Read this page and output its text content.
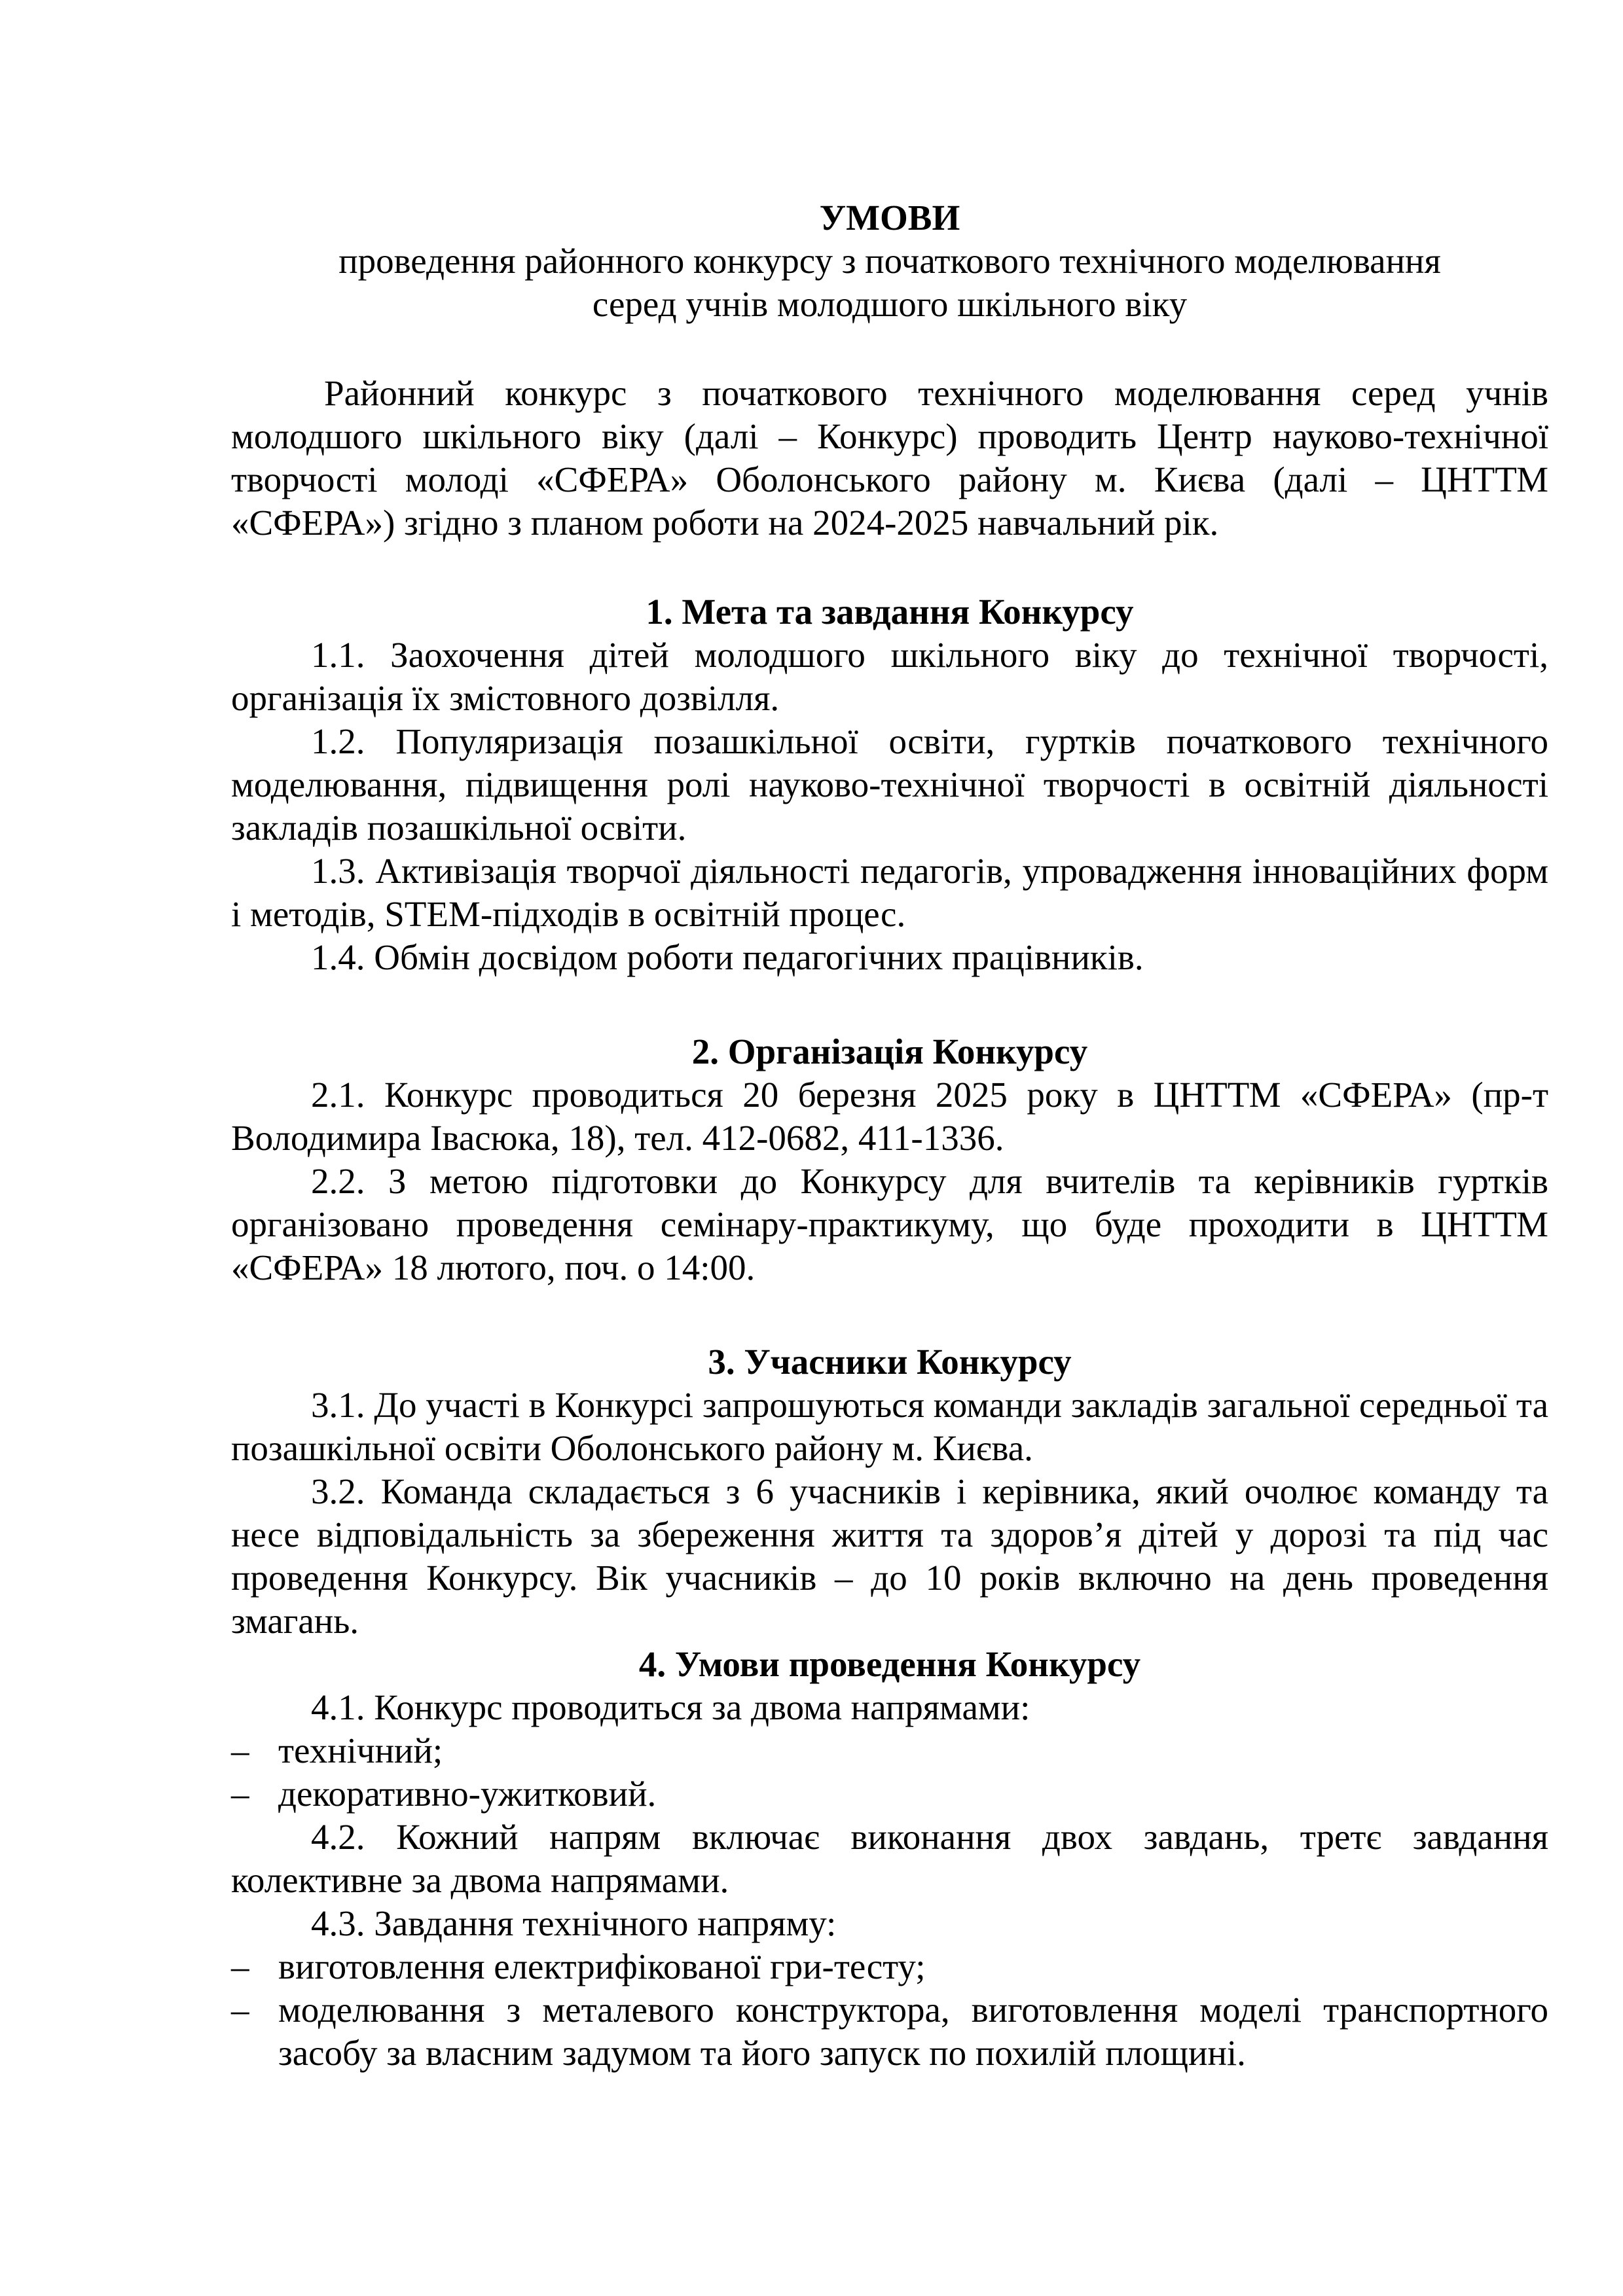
УМОВИ
проведення районного конкурсу з початкового технічного моделювання
серед учнів молодшого шкільного віку
Районний конкурс з початкового технічного моделювання серед учнів молодшого шкільного віку (далі – Конкурс) проводить Центр науково-технічної творчості молоді «СФЕРА» Оболонського району м. Києва (далі – ЦНТТМ «СФЕРА») згідно з планом роботи на 2024-2025 навчальний рік.
1. Мета та завдання Конкурсу
1.1. Заохочення дітей молодшого шкільного віку до технічної творчості, організація їх змістовного дозвілля.
1.2. Популяризація позашкільної освіти, гуртків початкового технічного моделювання, підвищення ролі науково-технічної творчості в освітній діяльності закладів позашкільної освіти.
1.3. Активізація творчої діяльності педагогів, упровадження інноваційних форм і методів, STEM-підходів в освітній процес.
1.4. Обмін досвідом роботи педагогічних працівників.
2. Організація Конкурсу
2.1. Конкурс проводиться 20 березня 2025 року в ЦНТТМ «СФЕРА» (пр-т Володимира Івасюка, 18), тел. 412-0682, 411-1336.
2.2. З метою підготовки до Конкурсу для вчителів та керівників гуртків організовано проведення семінару-практикуму, що буде проходити в ЦНТТМ «СФЕРА» 18 лютого, поч. о 14:00.
3. Учасники Конкурсу
3.1. До участі в Конкурсі запрошуються команди закладів загальної середньої та позашкільної освіти Оболонського району м. Києва.
3.2. Команда складається з 6 учасників і керівника, який очолює команду та несе відповідальність за збереження життя та здоров’я дітей у дорозі та під час проведення Конкурсу. Вік учасників – до 10 років включно на день проведення змагань.
4. Умови проведення Конкурсу
4.1. Конкурс проводиться за двома напрямами:
– технічний;
– декоративно-ужитковий.
4.2. Кожний напрям включає виконання двох завдань, третє завдання колективне за двома напрямами.
4.3. Завдання технічного напряму:
– виготовлення електрифікованої гри-тесту;
– моделювання з металевого конструктора, виготовлення моделі транспортного засобу за власним задумом та його запуск по похилій площині.
